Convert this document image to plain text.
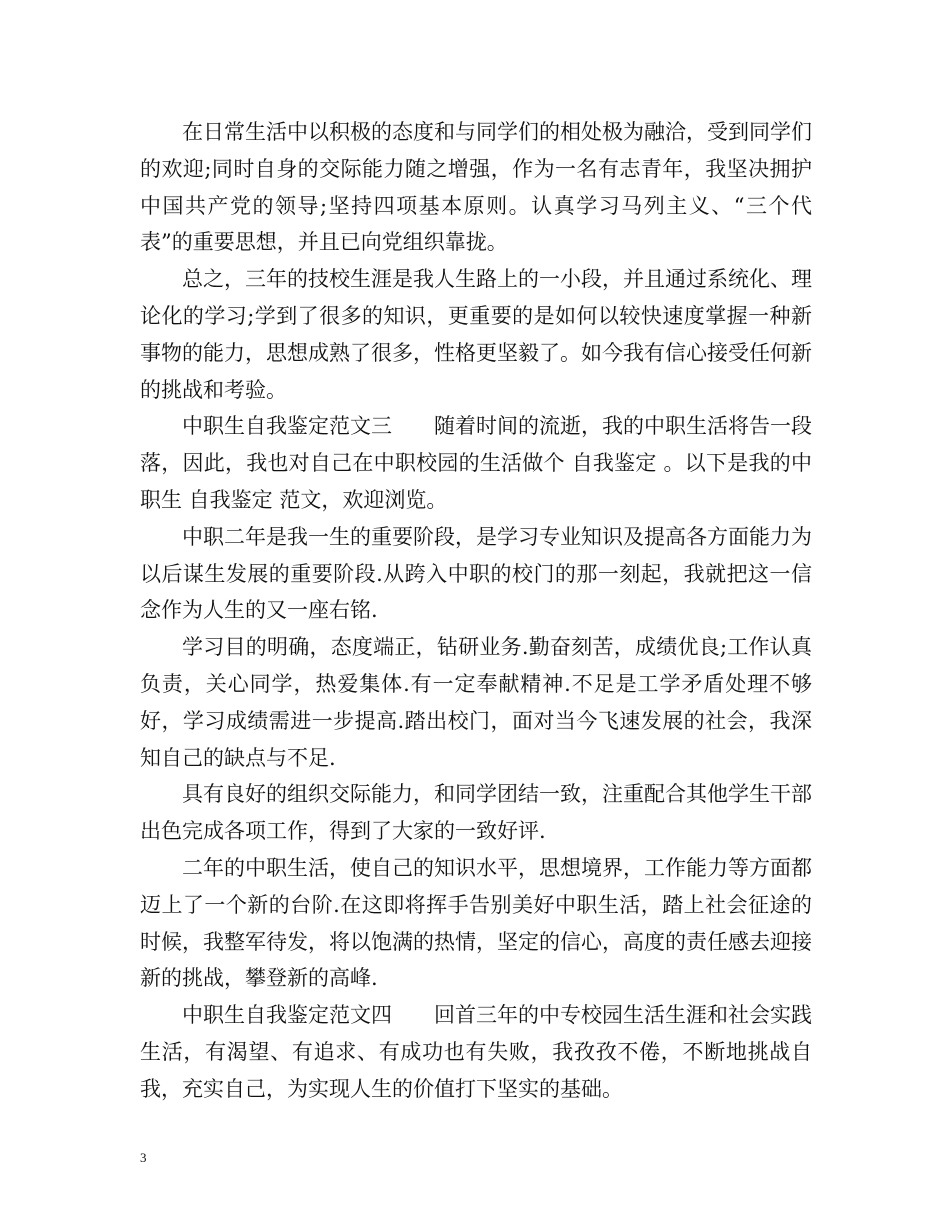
在日常生活中以积极的态度和与同学们的相处极为融洽，受到同学们的欢迎;同时自身的交际能力随之增强，作为一名有志青年，我坚决拥护中国共产党的领导;坚持四项基本原则。认真学习马列主义、“三个代表”的重要思想，并且已向党组织靠拢。

总之，三年的技校生涯是我人生路上的一小段，并且通过系统化、理论化的学习;学到了很多的知识，更重要的是如何以较快速度掌握一种新事物的能力，思想成熟了很多，性格更坚毅了。如今我有信心接受任何新的挑战和考验。

中职生自我鉴定范文三　　随着时间的流逝，我的中职生活将告一段落，因此，我也对自己在中职校园的生活做个 自我鉴定 。以下是我的中职生 自我鉴定 范文，欢迎浏览。

中职二年是我一生的重要阶段，是学习专业知识及提高各方面能力为以后谋生发展的重要阶段.从跨入中职的校门的那一刻起，我就把这一信念作为人生的又一座右铭.

学习目的明确，态度端正，钻研业务.勤奋刻苦，成绩优良;工作认真负责，关心同学，热爱集体.有一定奉献精神.不足是工学矛盾处理不够好，学习成绩需进一步提高.踏出校门，面对当今飞速发展的社会，我深知自己的缺点与不足.

具有良好的组织交际能力，和同学团结一致，注重配合其他学生干部出色完成各项工作，得到了大家的一致好评.

二年的中职生活，使自己的知识水平，思想境界，工作能力等方面都迈上了一个新的台阶.在这即将挥手告别美好中职生活，踏上社会征途的时候，我整军待发，将以饱满的热情，坚定的信心，高度的责任感去迎接新的挑战，攀登新的高峰.

中职生自我鉴定范文四　　回首三年的中专校园生活生涯和社会实践生活，有渴望、有追求、有成功也有失败，我孜孜不倦，不断地挑战自我，充实自己，为实现人生的价值打下坚实的基础。

3
